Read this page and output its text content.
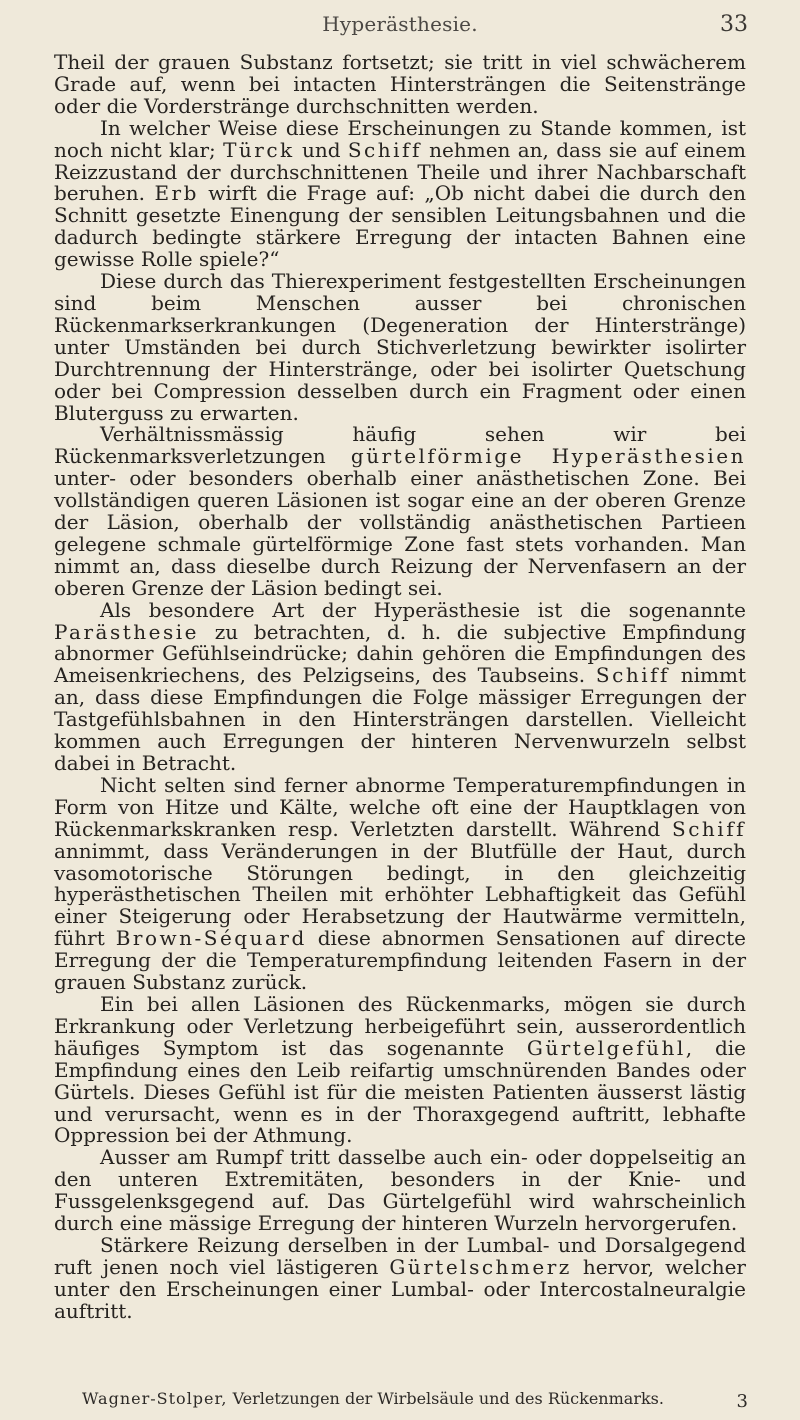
Hyperästhesie.	33

Theil der grauen Substanz fortsetzt; sie tritt in viel schwächerem Grade auf, wenn bei intacten Hintersträngen die Seitenstränge oder die Vorderstränge durchschnitten werden.

In welcher Weise diese Erscheinungen zu Stande kommen, ist noch nicht klar; Türck und Schiff nehmen an, dass sie auf einem Reizzustand der durchschnittenen Theile und ihrer Nachbarschaft beruhen. Erb wirft die Frage auf: „Ob nicht dabei die durch den Schnitt gesetzte Einengung der sensiblen Leitungsbahnen und die dadurch bedingte stärkere Erregung der intacten Bahnen eine gewisse Rolle spiele?“

Diese durch das Thierexperiment festgestellten Erscheinungen sind beim Menschen ausser bei chronischen Rückenmarkserkrankungen (Degeneration der Hinterstränge) unter Umständen bei durch Stichverletzung bewirkter isolirter Durchtrennung der Hinterstränge, oder bei isolirter Quetschung oder bei Compression desselben durch ein Fragment oder einen Bluterguss zu erwarten.

Verhältnissmässig häufig sehen wir bei Rückenmarksverletzungen gürtelförmige Hyperästhesien unter- oder besonders oberhalb einer anästhetischen Zone. Bei vollständigen queren Läsionen ist sogar eine an der oberen Grenze der Läsion, oberhalb der vollständig anästhetischen Partieen gelegene schmale gürtelförmige Zone fast stets vorhanden. Man nimmt an, dass dieselbe durch Reizung der Nervenfasern an der oberen Grenze der Läsion bedingt sei.

Als besondere Art der Hyperästhesie ist die sogenannte Parästhesie zu betrachten, d. h. die subjective Empfindung abnormer Gefühlseindrücke; dahin gehören die Empfindungen des Ameisenkriechens, des Pelzigseins, des Taubseins. Schiff nimmt an, dass diese Empfindungen die Folge mässiger Erregungen der Tastgefühlsbahnen in den Hintersträngen darstellen. Vielleicht kommen auch Erregungen der hinteren Nervenwurzeln selbst dabei in Betracht.

Nicht selten sind ferner abnorme Temperaturempfindungen in Form von Hitze und Kälte, welche oft eine der Hauptklagen von Rückenmarkskranken resp. Verletzten darstellt. Während Schiff annimmt, dass Veränderungen in der Blutfülle der Haut, durch vasomotorische Störungen bedingt, in den gleichzeitig hyperästhetischen Theilen mit erhöhter Lebhaftigkeit das Gefühl einer Steigerung oder Herabsetzung der Hautwärme vermitteln, führt Brown-Séquard diese abnormen Sensationen auf directe Erregung der die Temperaturempfindung leitenden Fasern in der grauen Substanz zurück.

Ein bei allen Läsionen des Rückenmarks, mögen sie durch Erkrankung oder Verletzung herbeigeführt sein, ausserordentlich häufiges Symptom ist das sogenannte Gürtelgefühl, die Empfindung eines den Leib reifartig umschnürenden Bandes oder Gürtels. Dieses Gefühl ist für die meisten Patienten äusserst lästig und verursacht, wenn es in der Thoraxgegend auftritt, lebhafte Oppression bei der Athmung.

Ausser am Rumpf tritt dasselbe auch ein- oder doppelseitig an den unteren Extremitäten, besonders in der Knie- und Fussgelenksgegend auf. Das Gürtelgefühl wird wahrscheinlich durch eine mässige Erregung der hinteren Wurzeln hervorgerufen.

Stärkere Reizung derselben in der Lumbal- und Dorsalgegend ruft jenen noch viel lästigeren Gürtelschmerz hervor, welcher unter den Erscheinungen einer Lumbal- oder Intercostalneuralgie auftritt.

Wagner-Stolper, Verletzungen der Wirbelsäule und des Rückenmarks.	3
